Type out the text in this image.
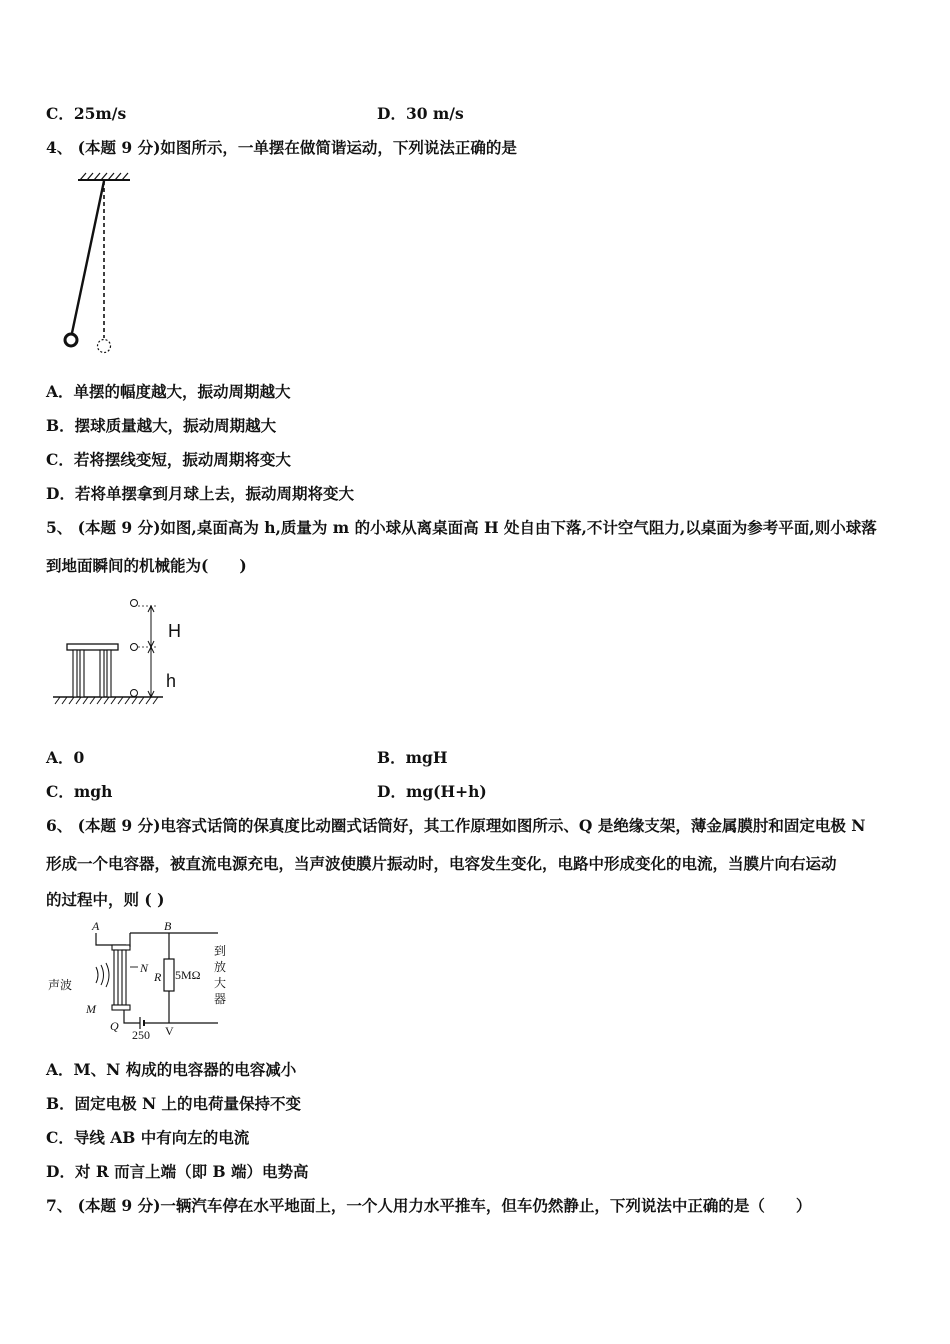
C．25m/s	D．30 m/s
4、 (本题 9 分)如图所示，一单摆在做简谐运动，下列说法正确的是
A．单摆的幅度越大，振动周期越大
B．摆球质量越大，振动周期越大
C．若将摆线变短，振动周期将变大
D．若将单摆拿到月球上去，振动周期将变大
5、 (本题 9 分)如图,桌面高为 h,质量为 m 的小球从离桌面高 H 处自由下落,不计空气阻力,以桌面为参考平面,则小球落
到地面瞬间的机械能为(　　)
H
h
A．0	B．mgH
C．mgh	D．mg(H+h)
6、 (本题 9 分)电容式话筒的保真度比动圈式话筒好，其工作原理如图所示、Q 是绝缘支架，薄金属膜肘和固定电极 N
形成一个电容器，被直流电源充电，当声波使膜片振动时，电容发生变化，电路中形成变化的电流，当膜片向右运动
的过程中，则 ( )
A	B
N
R
M
Q
声波
5MΩ
250 V
到
放
大
器
A．M、N 构成的电容器的电容减小
B．固定电极 N 上的电荷量保持不变
C．导线 AB 中有向左的电流
D．对 R 而言上端（即 B 端）电势高
7、 (本题 9 分)一辆汽车停在水平地面上，一个人用力水平推车，但车仍然静止，下列说法中正确的是（　　）
